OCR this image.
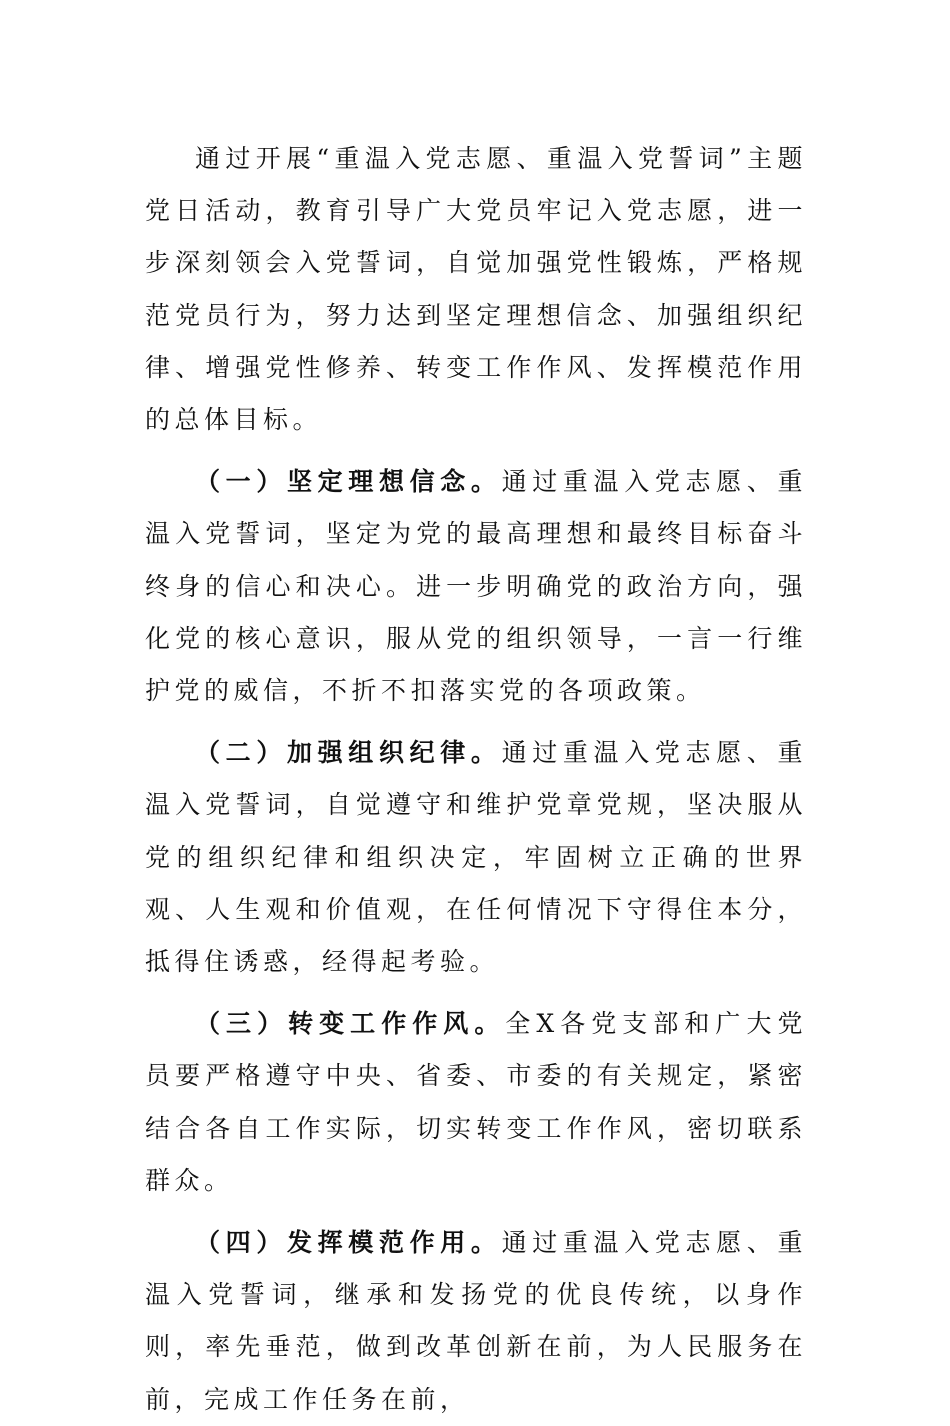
通过开展“重温入党志愿、重温入党誓词”主题党日活动，教育引导广大党员牢记入党志愿，进一步深刻领会入党誓词，自觉加强党性锻炼，严格规范党员行为，努力达到坚定理想信念、加强组织纪律、增强党性修养、转变工作作风、发挥模范作用的总体目标。

（一）坚定理想信念。通过重温入党志愿、重温入党誓词，坚定为党的最高理想和最终目标奋斗终身的信心和决心。进一步明确党的政治方向，强化党的核心意识，服从党的组织领导，一言一行维护党的威信，不折不扣落实党的各项政策。

（二）加强组织纪律。通过重温入党志愿、重温入党誓词，自觉遵守和维护党章党规，坚决服从党的组织纪律和组织决定，牢固树立正确的世界观、人生观和价值观，在任何情况下守得住本分，抵得住诱惑，经得起考验。

（三）转变工作作风。全X各党支部和广大党员要严格遵守中央、省委、市委的有关规定，紧密结合各自工作实际，切实转变工作作风，密切联系群众。

（四）发挥模范作用。通过重温入党志愿、重温入党誓词，继承和发扬党的优良传统，以身作则，率先垂范，做到改革创新在前，为人民服务在前，完成工作任务在前，
